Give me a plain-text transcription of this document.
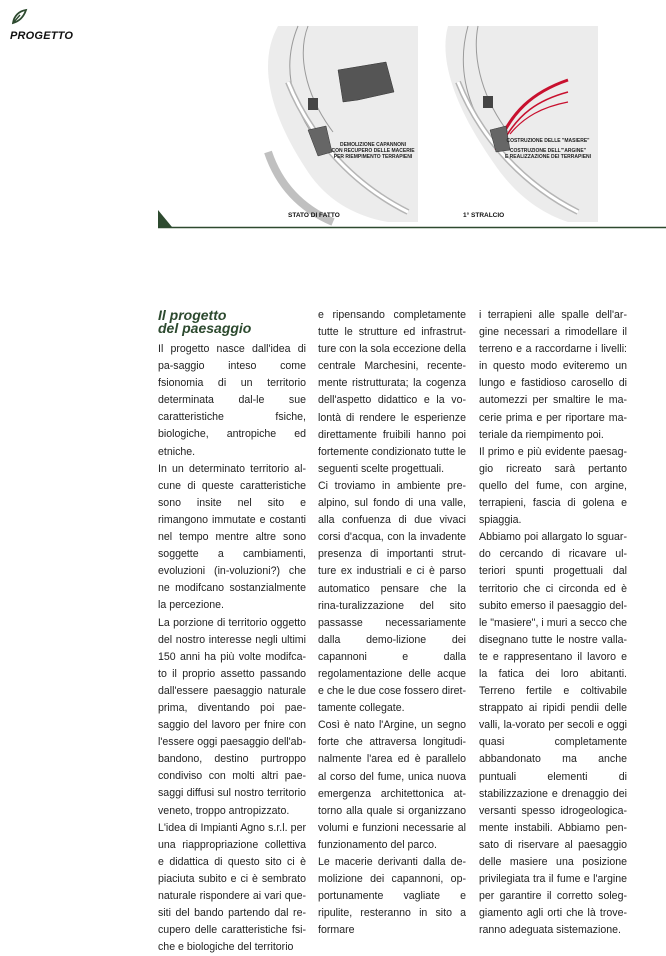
PROGETTO
DEMOLIZIONE CAPANNONI
CON RECUPERO DELLE MACERIE
PER RIEMPIMENTO TERRAPIENI
STATO DI FATTO
COSTRUZIONE DELLE "MASIERE"
COSTRUZIONE DELL'"ARGINE"
E REALIZZAZIONE DEI TERRAPIENI
1° STRALCIO
Il progetto
del paesaggio

Il progetto nasce dall'idea di pa-saggio inteso come fsionomia di un territorio determinata dal-le sue caratteristiche fsiche, biologiche, antropiche ed etniche.

In un determinato territorio al-cune di queste caratteristiche sono insite nel sito e rimangono immutate e costanti nel tempo mentre altre sono soggette a cambiamenti, evoluzioni (in-voluzioni?) che ne modifcano sostanzialmente la percezione.

La porzione di territorio oggetto del nostro interesse negli ultimi 150 anni ha più volte modifca-to il proprio assetto passando dall'essere paesaggio naturale prima, diventando poi pae-saggio del lavoro per fnire con l'essere oggi paesaggio dell'ab-bandono, destino purtroppo condiviso con molti altri pae-saggi diffusi sul nostro territorio veneto, troppo antropizzato.

L'idea di Impianti Agno s.r.l. per una riappropriazione collettiva e didattica di questo sito ci è piaciuta subito e ci è sembrato naturale rispondere ai vari que-siti del bando partendo dal re-cupero delle caratteristiche fsi-che e biologiche del territorio

e ripensando completamente tutte le strutture ed infrastrut-ture con la sola eccezione della centrale Marchesini, recente-mente ristrutturata; la cogenza dell'aspetto didattico e la vo-lontà di rendere le esperienze direttamente fruibili hanno poi fortemente condizionato tutte le seguenti scelte progettuali.

Ci troviamo in ambiente pre-alpino, sul fondo di una valle, alla confuenza di due vivaci corsi d'acqua, con la invadente presenza di importanti strut-ture ex industriali e ci è parso automatico pensare che la rina-turalizzazione del sito passasse necessariamente dalla demo-lizione dei capannoni e dalla regolamentazione delle acque e che le due cose fossero diret-tamente collegate.

Così è nato l'Argine, un segno forte che attraversa longitudi-nalmente l'area ed è parallelo al corso del fume, unica nuova emergenza architettonica at-torno alla quale si organizzano volumi e funzioni necessarie al funzionamento del parco.

Le macerie derivanti dalla de-molizione dei capannoni, op-portunamente vagliate e ripulite, resteranno in sito a formare

i terrapieni alle spalle dell'ar-gine necessari a rimodellare il terreno e a raccordarne i livelli: in questo modo eviteremo un lungo e fastidioso carosello di automezzi per smaltire le ma-cerie prima e per riportare ma-teriale da riempimento poi.

Il primo e più evidente paesag-gio ricreato sarà pertanto quello del fume, con argine, terrapieni, fascia di golena e spiaggia.

Abbiamo poi allargato lo sguar-do cercando di ricavare ul-teriori spunti progettuali dal territorio che ci circonda ed è subito emerso il paesaggio del-le "masiere", i muri a secco che disegnano tutte le nostre valla-te e rappresentano il lavoro e la fatica dei loro abitanti. Terreno fertile e coltivabile strappato ai ripidi pendii delle valli, la-vorato per secoli e oggi quasi completamente abbandonato ma anche puntuali elementi di stabilizzazione e drenaggio dei versanti spesso idrogeologica-mente instabili. Abbiamo pen-sato di riservare al paesaggio delle masiere una posizione privilegiata tra il fume e l'argine per garantire il corretto soleg-giamento agli orti che là trove-ranno adeguata sistemazione.
